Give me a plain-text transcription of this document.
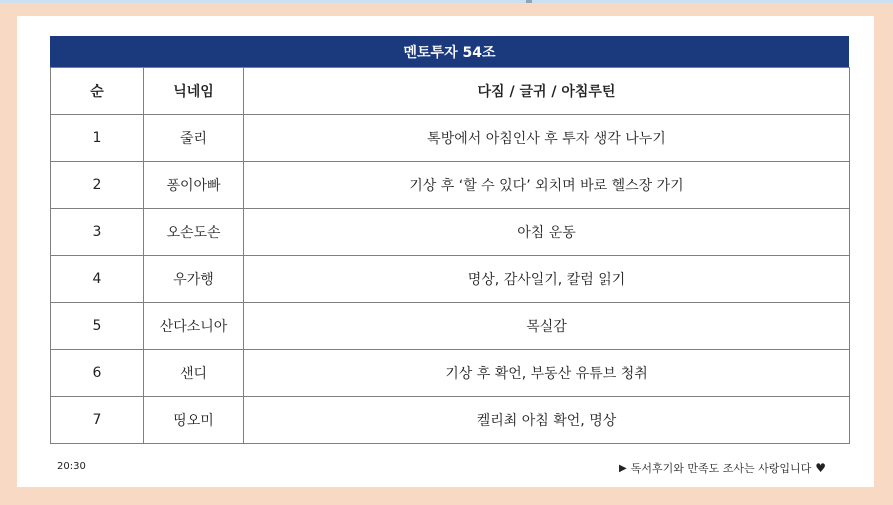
멘토투자 54조
순	닉네임	다짐 / 글귀 / 아침루틴
1	줄리	톡방에서 아침인사 후 투자 생각 나누기
2	퐁이아빠	기상 후 ‘할 수 있다’ 외치며 바로 헬스장 가기
3	오손도손	아침 운동
4	우가행	명상, 감사일기, 칼럼 읽기
5	산다소니아	목실감
6	샌디	기상 후 확언, 부동산 유튜브 청취
7	띵오미	켈리최 아침 확언, 명상
20:30	▶ 독서후기와 만족도 조사는 사랑입니다 ♥
